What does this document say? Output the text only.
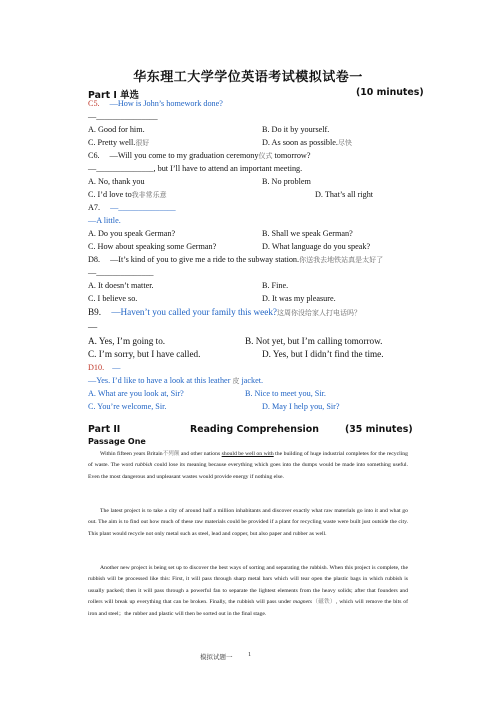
华东理工大学学位英语考试模拟试卷一
Part I 单选	(10 minutes)
C5. —How is John’s homework done?
—_______________
A. Good for him.	B. Do it by yourself.
C. Pretty well.很好	D. As soon as possible.尽快
C6. —Will you come to my graduation ceremony仪式 tomorrow?
—______________, but I’ll have to attend an important meeting.
A. No, thank you	B. No problem
C. I’d love to我非常乐意	D. That’s all right
A7. —______________
—A little.
A. Do you speak German?	B. Shall we speak German?
C. How about speaking some German?	D. What language do you speak?
D8. —It’s kind of you to give me a ride to the subway station.你送我去地铁站真是太好了
—______________
A. It doesn’t matter.	B. Fine.
C. I believe so.	D. It was my pleasure.
B9. —Haven’t you called your family this week?这周你没给家人打电话吗？
—
A. Yes, I’m going to.	B. Not yet, but I’m calling tomorrow.
C. I’m sorry, but I have called.	D. Yes, but I didn’t find the time.
D10. —
—Yes. I’d like to have a look at this leather 皮 jacket.
A. What are you look at, Sir?	B. Nice to meet you, Sir.
C. You’re welcome, Sir.	D. May I help you, Sir?
Part II	Reading Comprehension	(35 minutes)
Passage One
Within fifteen years Britain不列颠 and other nations should be well on with the building of huge industrial completes for the recycling of waste. The word rubbish could lose its meaning because everything which goes into the dumps would be made into something useful. Even the most dangerous and unpleasant wastes would provide energy if nothing else.
The latest project is to take a city of around half a million inhabitants and discover exactly what raw materials go into it and what go out. The aim is to find out how much of these raw materials could be provided if a plant for recycling waste were built just outside the city. This plant would recycle not only metal such as steel, lead and copper, but also paper and rubber as well.
Another new project is being set up to discover the best ways of sorting and separating the rubbish. When this project is complete, the rubbish will be processed like this: First, it will pass through sharp metal bars which will tear open the plastic bags in which rubbish is usually packed; then it will pass through a powerful fan to separate the lightest elements from the heavy solids; after that founders and rollers will break up everything that can be broken. Finally, the rubbish will pass under magnets（磁铁）, which will remove the bits of iron and steel；the rubber and plastic will then be sorted out in the final stage.
模拟试题一 1
